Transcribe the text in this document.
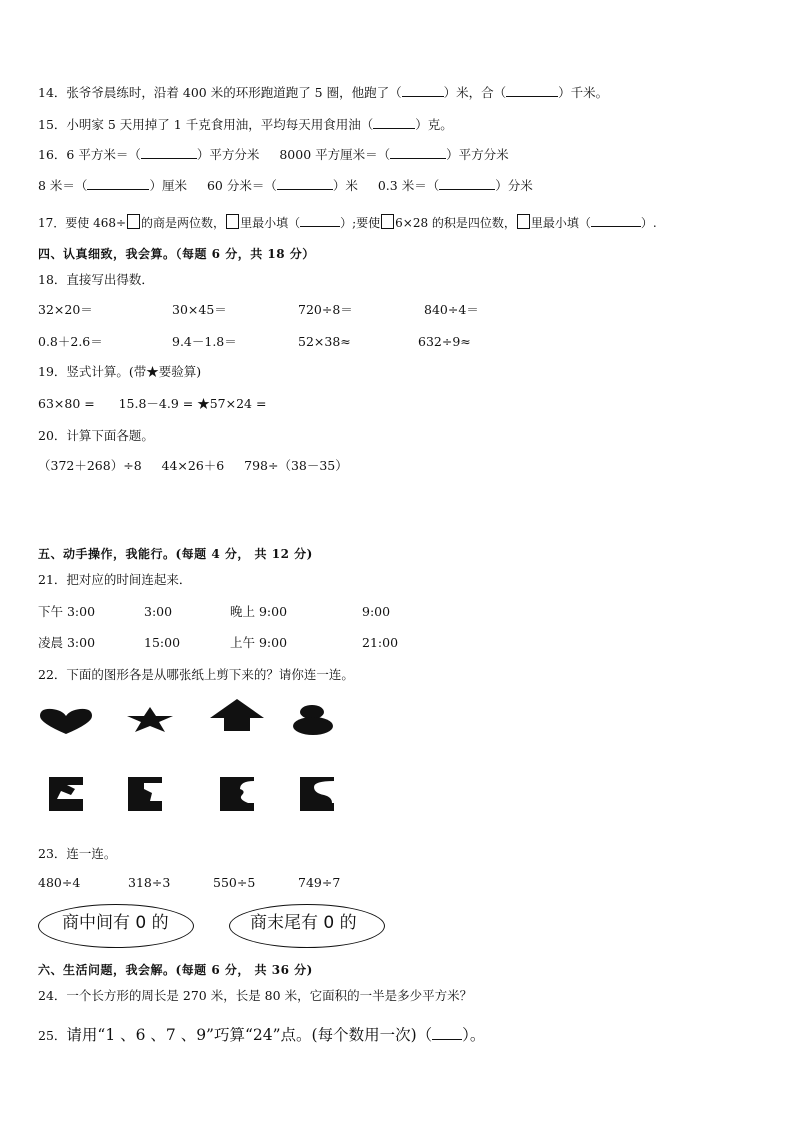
14．张爷爷晨练时，沿着 400 米的环形跑道跑了 5 圈，他跑了（	）米，合（	）千米。
15．小明家 5 天用掉了 1 千克食用油，平均每天用食用油（	）克。
16．6 平方米＝（	）平方分米 8000 平方厘米＝（	）平方分米
8 米＝（	）厘米 60 分米＝（	）米 0.3 米＝（	）分米
17．要使 468÷ 的商是两位数， 里最小填（	）;要使 6×28 的积是四位数， 里最小填（	）.
四、认真细致，我会算。（每题 6 分，共 18 分）
18．直接写出得数．
32×20＝	30×45＝	720÷8＝	840÷4＝
0.8＋2.6＝	9.4－1.8＝	52×38≈	632÷9≈
19．竖式计算。(带★要验算)
63×80 =      15.8－4.9 = ★57×24 =
20．计算下面各题。
（372＋268）÷8     44×26＋6     798÷（38－35）
五、动手操作，我能行。(每题 4 分， 共 12 分)
21．把对应的时间连起来．
下午 3:00	3:00	晚上 9:00	9:00
凌晨 3:00	15:00	上午 9:00	21:00
22．下面的图形各是从哪张纸上剪下来的？请你连一连。
23．连一连。
480÷4	318÷3	550÷5	749÷7
商中间有 0 的	商末尾有 0 的
六、生活问题，我会解。(每题 6 分， 共 36 分)
24．一个长方形的周长是 270 米，长是 80 米，它面积的一半是多少平方米？
25．请用“1 、6 、7 、9”巧算“24”点。(每个数用一次)（ ）。
